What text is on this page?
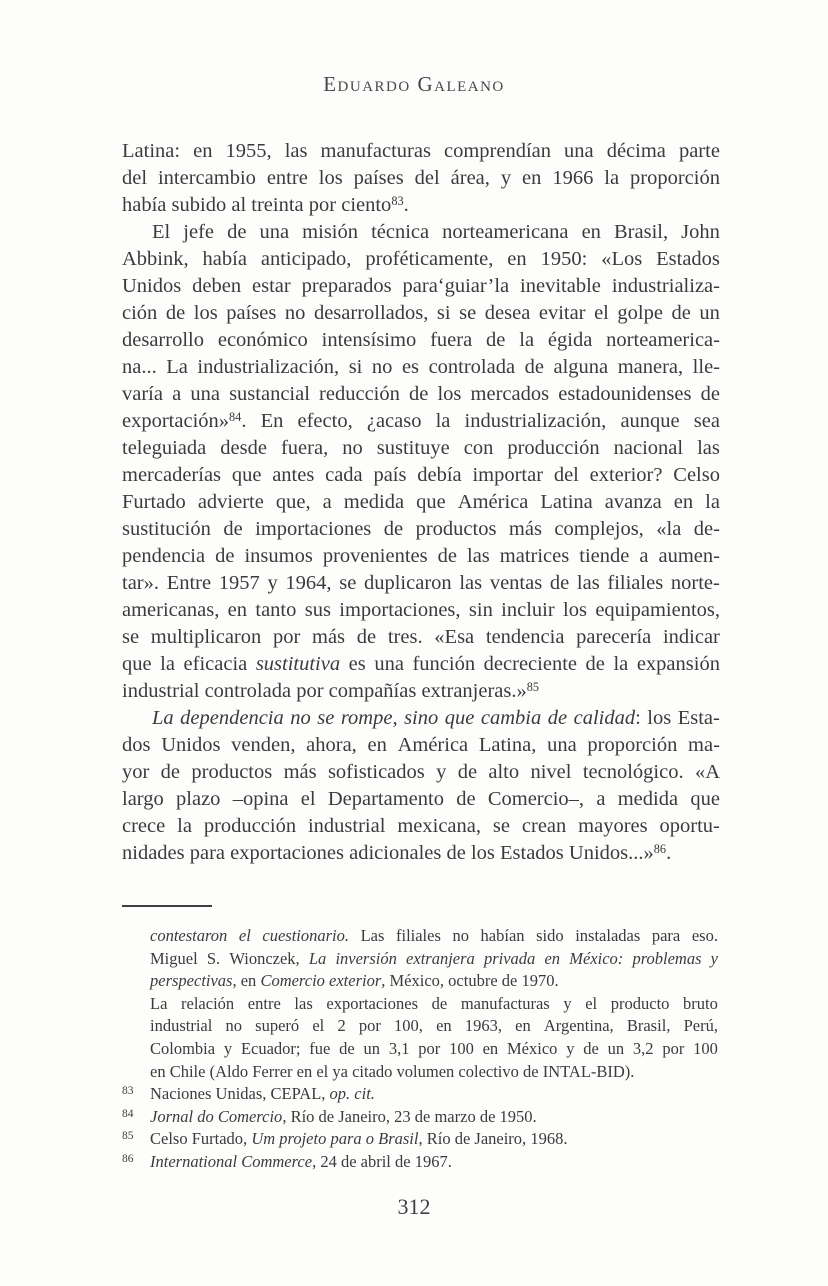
Eduardo Galeano
Latina: en 1955, las manufacturas comprendían una décima parte
del intercambio entre los países del área, y en 1966 la proporción
había subido al treinta por ciento$^{83}$.
El jefe de una misión técnica norteamericana en Brasil, John
Abbink, había anticipado, proféticamente, en 1950: «Los Estados
Unidos deben estar preparados para‘guiar’la inevitable industrializa-
ción de los países no desarrollados, si se desea evitar el golpe de un
desarrollo económico intensísimo fuera de la égida norteamerica-
na... La industrialización, si no es controlada de alguna manera, lle-
varía a una sustancial reducción de los mercados estadounidenses de
exportación»$^{84}$. En efecto, ¿acaso la industrialización, aunque sea
teleguiada desde fuera, no sustituye con producción nacional las
mercaderías que antes cada país debía importar del exterior? Celso
Furtado advierte que, a medida que América Latina avanza en la
sustitución de importaciones de productos más complejos, «la de-
pendencia de insumos provenientes de las matrices tiende a aumen-
tar». Entre 1957 y 1964, se duplicaron las ventas de las filiales norte-
americanas, en tanto sus importaciones, sin incluir los equipamientos,
se multiplicaron por más de tres. «Esa tendencia parecería indicar
que la eficacia sustitutiva es una función decreciente de la expansión
industrial controlada por compañías extranjeras.»$^{85}$
La dependencia no se rompe, sino que cambia de calidad: los Esta-
dos Unidos venden, ahora, en América Latina, una proporción ma-
yor de productos más sofisticados y de alto nivel tecnológico. «A
largo plazo –opina el Departamento de Comercio–, a medida que
crece la producción industrial mexicana, se crean mayores oportu-
nidades para exportaciones adicionales de los Estados Unidos...»$^{86}$.
contestaron el cuestionario. Las filiales no habían sido instaladas para eso.
Miguel S. Wionczek, La inversión extranjera privada en México: problemas y
perspectivas, en Comercio exterior, México, octubre de 1970.
La relación entre las exportaciones de manufacturas y el producto bruto
industrial no superó el 2 por 100, en 1963, en Argentina, Brasil, Perú,
Colombia y Ecuador; fue de un 3,1 por 100 en México y de un 3,2 por 100
en Chile (Aldo Ferrer en el ya citado volumen colectivo de INTAL-BID).
83 Naciones Unidas, CEPAL, op. cit.
84 Jornal do Comercio, Río de Janeiro, 23 de marzo de 1950.
85 Celso Furtado, Um projeto para o Brasil, Río de Janeiro, 1968.
86 International Commerce, 24 de abril de 1967.
312
